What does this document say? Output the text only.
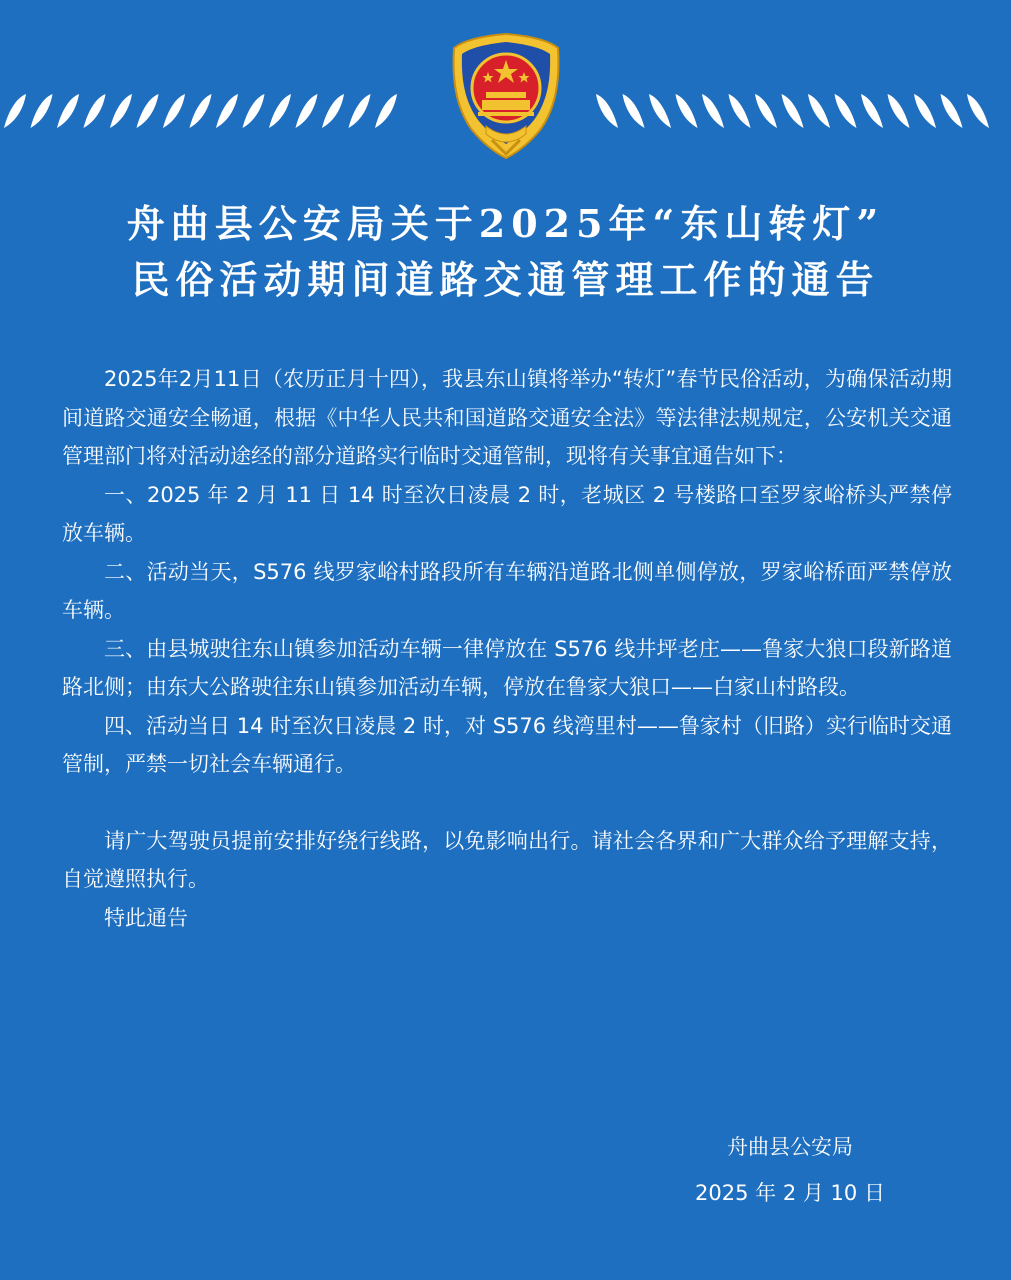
舟曲县公安局关于2025年“东山转灯”
民俗活动期间道路交通管理工作的通告

2025年2月11日（农历正月十四），我县东山镇将举办“转灯”春节民俗活动，为确保活动期间道路交通安全畅通，根据《中华人民共和国道路交通安全法》等法律法规规定，公安机关交通管理部门将对活动途经的部分道路实行临时交通管制，现将有关事宜通告如下：

一、2025 年 2 月 11 日 14 时至次日凌晨 2 时，老城区 2 号楼路口至罗家峪桥头严禁停放车辆。

二、活动当天，S576 线罗家峪村路段所有车辆沿道路北侧单侧停放，罗家峪桥面严禁停放车辆。

三、由县城驶往东山镇参加活动车辆一律停放在 S576 线井坪老庄——鲁家大狼口段新路道路北侧；由东大公路驶往东山镇参加活动车辆，停放在鲁家大狼口——白家山村路段。

四、活动当日 14 时至次日凌晨 2 时，对 S576 线湾里村——鲁家村（旧路）实行临时交通管制，严禁一切社会车辆通行。

请广大驾驶员提前安排好绕行线路，以免影响出行。请社会各界和广大群众给予理解支持，自觉遵照执行。

特此通告

舟曲县公安局
2025 年 2 月 10 日
